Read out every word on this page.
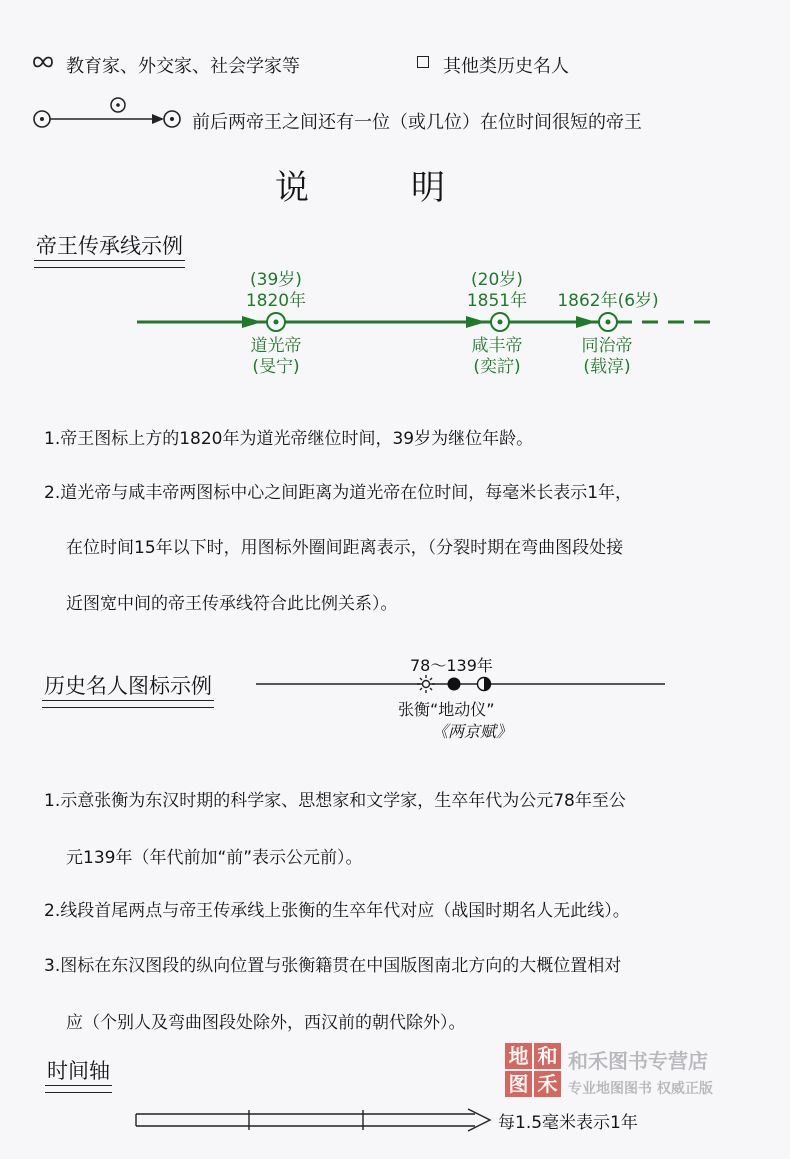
教育家、外交家、社会学家等	其他类历史名人
前后两帝王之间还有一位（或几位）在位时间很短的帝王
说　　　明
帝王传承线示例
(39岁)
1820年
道光帝
(旻宁)
(20岁)
1851年
咸丰帝
(奕詝)
1862年(6岁)
同治帝
(载淳)
1.帝王图标上方的1820年为道光帝继位时间，39岁为继位年龄。
2.道光帝与咸丰帝两图标中心之间距离为道光帝在位时间，每毫米长表示1年，
在位时间15年以下时，用图标外圈间距离表示，（分裂时期在弯曲图段处接
近图宽中间的帝王传承线符合此比例关系）。
历史名人图标示例
78～139年
张衡“地动仪”
《两京赋》
1.示意张衡为东汉时期的科学家、思想家和文学家，生卒年代为公元78年至公
元139年（年代前加“前”表示公元前）。
2.线段首尾两点与帝王传承线上张衡的生卒年代对应（战国时期名人无此线）。
3.图标在东汉图段的纵向位置与张衡籍贯在中国版图南北方向的大概位置相对
应（个别人及弯曲图段处除外，西汉前的朝代除外）。
时间轴
每1.5毫米表示1年
地 和
图 禾
和禾图书专营店
专业地图图书 权威正版
